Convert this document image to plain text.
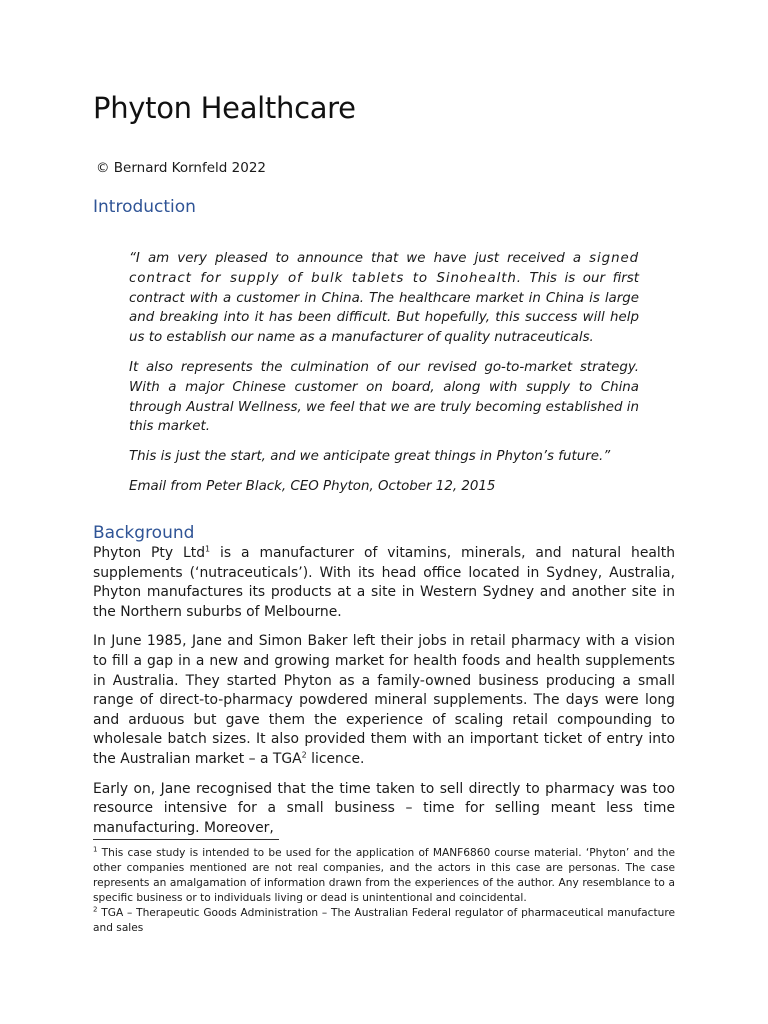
Phyton Healthcare
© Bernard Kornfeld 2022
Introduction

“I am very pleased to announce that we have just received a signed contract for supply of bulk tablets to Sinohealth. This is our first contract with a customer in China. The healthcare market in China is large and breaking into it has been difficult. But hopefully, this success will help us to establish our name as a manufacturer of quality nutraceuticals.

It also represents the culmination of our revised go-to-market strategy. With a major Chinese customer on board, along with supply to China through Austral Wellness, we feel that we are truly becoming established in this market.

This is just the start, and we anticipate great things in Phyton’s future.”

Email from Peter Black, CEO Phyton, October 12, 2015

Background

Phyton Pty Ltd$^1$ is a manufacturer of vitamins, minerals, and natural health supplements (‘nutraceuticals’). With its head office located in Sydney, Australia, Phyton manufactures its products at a site in Western Sydney and another site in the Northern suburbs of Melbourne.

In June 1985, Jane and Simon Baker left their jobs in retail pharmacy with a vision to fill a gap in a new and growing market for health foods and health supplements in Australia. They started Phyton as a family-owned business producing a small range of direct-to-pharmacy powdered mineral supplements. The days were long and arduous but gave them the experience of scaling retail compounding to wholesale batch sizes. It also provided them with an important ticket of entry into the Australian market – a TGA$^2$ licence.

Early on, Jane recognised that the time taken to sell directly to pharmacy was too resource intensive for a small business – time for selling meant less time manufacturing. Moreover,

$^1$ This case study is intended to be used for the application of MANF6860 course material. ‘Phyton’ and the other companies mentioned are not real companies, and the actors in this case are personas. The case represents an amalgamation of information drawn from the experiences of the author. Any resemblance to a specific business or to individuals living or dead is unintentional and coincidental.

$^2$ TGA – Therapeutic Goods Administration – The Australian Federal regulator of pharmaceutical manufacture and sales
